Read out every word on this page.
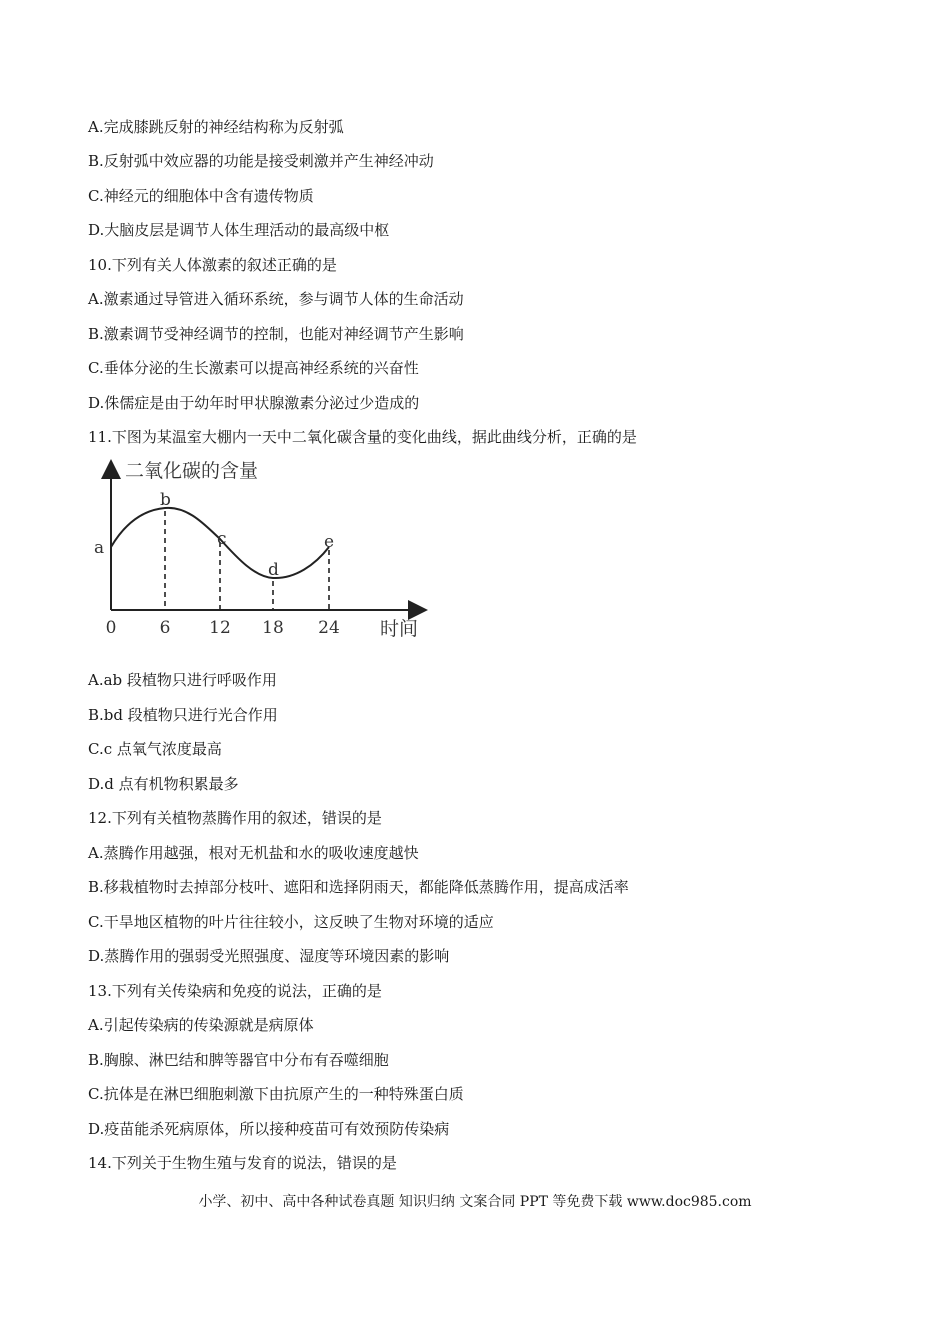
A.完成膝跳反射的神经结构称为反射弧
B.反射弧中效应器的功能是接受刺激并产生神经冲动
C.神经元的细胞体中含有遗传物质
D.大脑皮层是调节人体生理活动的最高级中枢
10.下列有关人体激素的叙述正确的是
A.激素通过导管进入循环系统，参与调节人体的生命活动
B.激素调节受神经调节的控制，也能对神经调节产生影响
C.垂体分泌的生长激素可以提高神经系统的兴奋性
D.侏儒症是由于幼年时甲状腺激素分泌过少造成的
11.下图为某温室大棚内一天中二氧化碳含量的变化曲线，据此曲线分析，正确的是
A.ab 段植物只进行呼吸作用
B.bd 段植物只进行光合作用
C.c 点氧气浓度最高
D.d 点有机物积累最多
12.下列有关植物蒸腾作用的叙述，错误的是
A.蒸腾作用越强，根对无机盐和水的吸收速度越快
B.移栽植物时去掉部分枝叶、遮阳和选择阴雨天，都能降低蒸腾作用，提高成活率
C.干旱地区植物的叶片往往较小，这反映了生物对环境的适应
D.蒸腾作用的强弱受光照强度、湿度等环境因素的影响
13.下列有关传染病和免疫的说法，正确的是
A.引起传染病的传染源就是病原体
B.胸腺、淋巴结和脾等器官中分布有吞噬细胞
C.抗体是在淋巴细胞刺激下由抗原产生的一种特殊蛋白质
D.疫苗能杀死病原体，所以接种疫苗可有效预防传染病
14.下列关于生物生殖与发育的说法，错误的是
二氧化碳的含量
时间
a
b
c
d
e
0	6 12 18 24
小学、初中、高中各种试卷真题 知识归纳 文案合同 PPT 等免费下载 www.doc985.com
